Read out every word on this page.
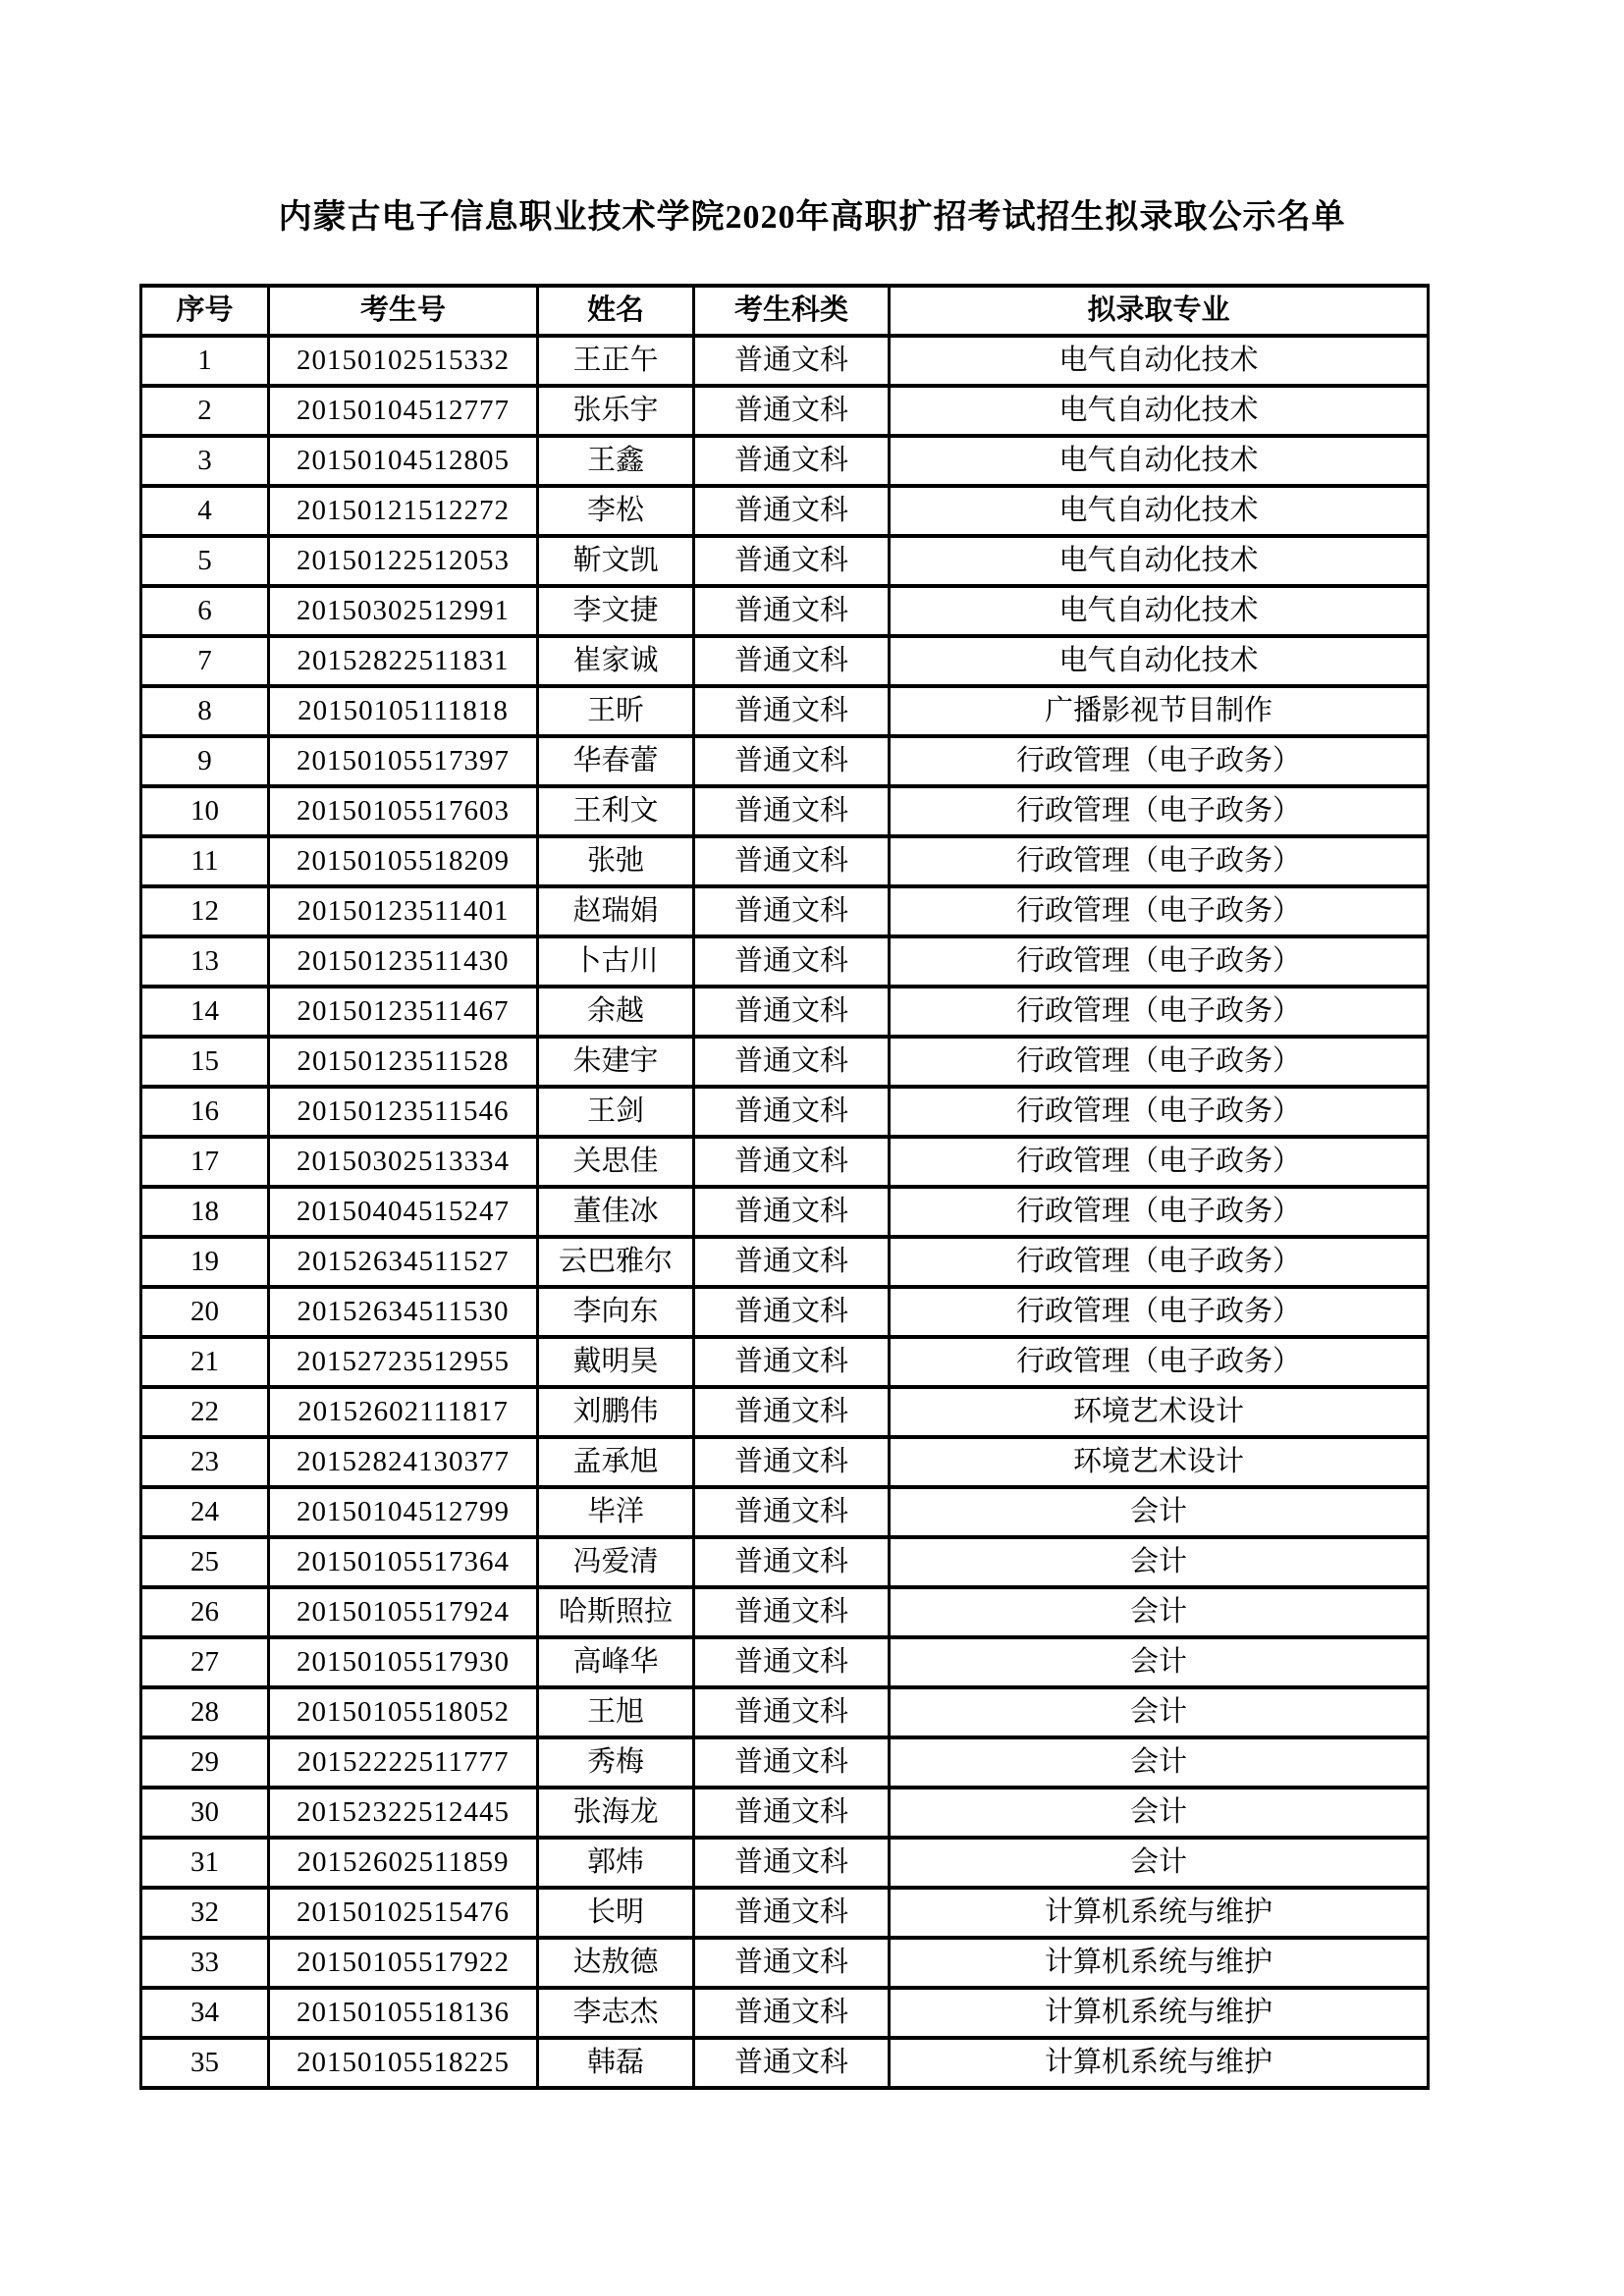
内蒙古电子信息职业技术学院2020年高职扩招考试招生拟录取公示名单
序号	考生号	姓名	考生科类	拟录取专业
1	20150102515332	王正午	普通文科	电气自动化技术
2	20150104512777	张乐宇	普通文科	电气自动化技术
3	20150104512805	王鑫	普通文科	电气自动化技术
4	20150121512272	李松	普通文科	电气自动化技术
5	20150122512053	靳文凯	普通文科	电气自动化技术
6	20150302512991	李文捷	普通文科	电气自动化技术
7	20152822511831	崔家诚	普通文科	电气自动化技术
8	20150105111818	王昕	普通文科	广播影视节目制作
9	20150105517397	华春蕾	普通文科	行政管理（电子政务）
10	20150105517603	王利文	普通文科	行政管理（电子政务）
11	20150105518209	张弛	普通文科	行政管理（电子政务）
12	20150123511401	赵瑞娟	普通文科	行政管理（电子政务）
13	20150123511430	卜古川	普通文科	行政管理（电子政务）
14	20150123511467	余越	普通文科	行政管理（电子政务）
15	20150123511528	朱建宇	普通文科	行政管理（电子政务）
16	20150123511546	王剑	普通文科	行政管理（电子政务）
17	20150302513334	关思佳	普通文科	行政管理（电子政务）
18	20150404515247	董佳冰	普通文科	行政管理（电子政务）
19	20152634511527	云巴雅尔	普通文科	行政管理（电子政务）
20	20152634511530	李向东	普通文科	行政管理（电子政务）
21	20152723512955	戴明昊	普通文科	行政管理（电子政务）
22	20152602111817	刘鹏伟	普通文科	环境艺术设计
23	20152824130377	孟承旭	普通文科	环境艺术设计
24	20150104512799	毕洋	普通文科	会计
25	20150105517364	冯爱清	普通文科	会计
26	20150105517924	哈斯照拉	普通文科	会计
27	20150105517930	高峰华	普通文科	会计
28	20150105518052	王旭	普通文科	会计
29	20152222511777	秀梅	普通文科	会计
30	20152322512445	张海龙	普通文科	会计
31	20152602511859	郭炜	普通文科	会计
32	20150102515476	长明	普通文科	计算机系统与维护
33	20150105517922	达敖德	普通文科	计算机系统与维护
34	20150105518136	李志杰	普通文科	计算机系统与维护
35	20150105518225	韩磊	普通文科	计算机系统与维护
